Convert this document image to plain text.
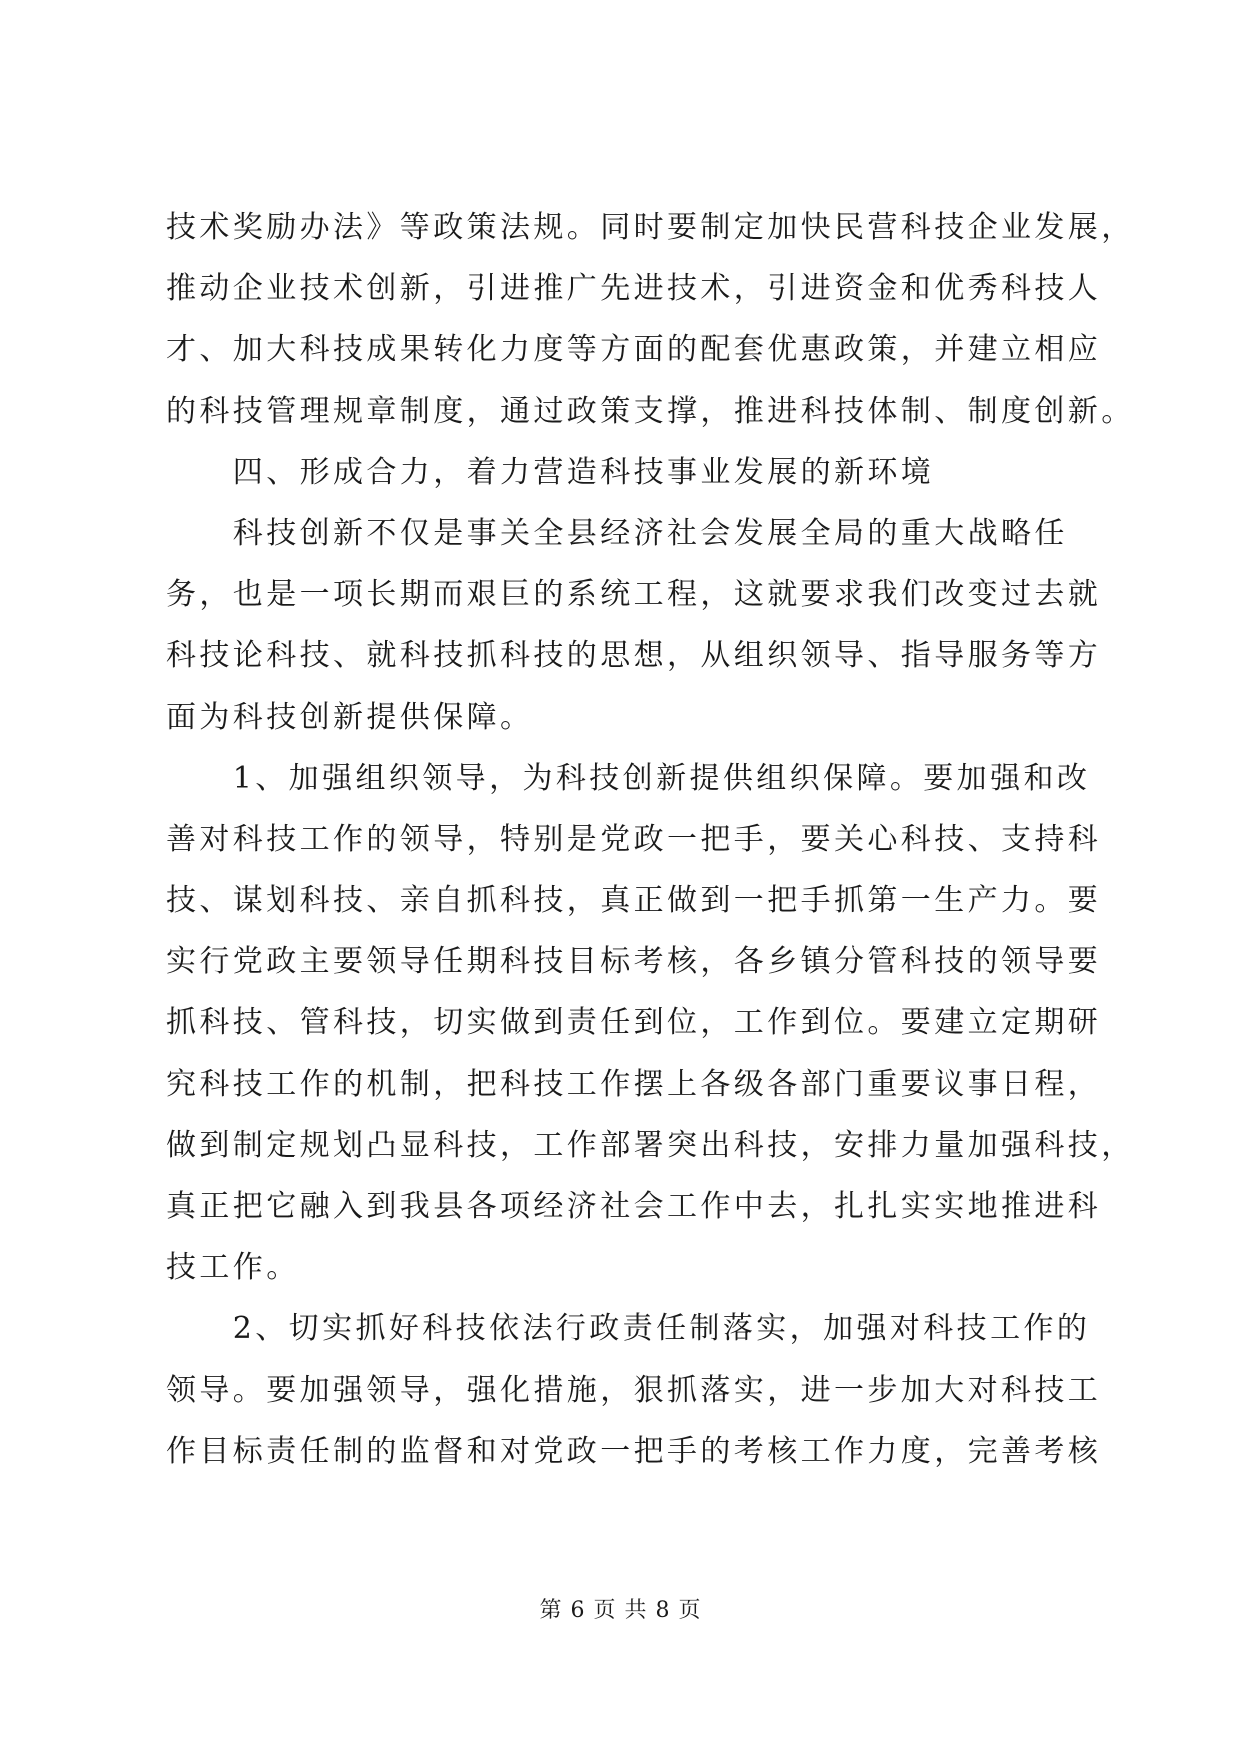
技术奖励办法》等政策法规。同时要制定加快民营科技企业发展，
推动企业技术创新，引进推广先进技术，引进资金和优秀科技人
才、加大科技成果转化力度等方面的配套优惠政策，并建立相应
的科技管理规章制度，通过政策支撑，推进科技体制、制度创新。
　　四、形成合力，着力营造科技事业发展的新环境
　　科技创新不仅是事关全县经济社会发展全局的重大战略任
务，也是一项长期而艰巨的系统工程，这就要求我们改变过去就
科技论科技、就科技抓科技的思想，从组织领导、指导服务等方
面为科技创新提供保障。
　　1、加强组织领导，为科技创新提供组织保障。要加强和改
善对科技工作的领导，特别是党政一把手，要关心科技、支持科
技、谋划科技、亲自抓科技，真正做到一把手抓第一生产力。要
实行党政主要领导任期科技目标考核，各乡镇分管科技的领导要
抓科技、管科技，切实做到责任到位，工作到位。要建立定期研
究科技工作的机制，把科技工作摆上各级各部门重要议事日程，
做到制定规划凸显科技，工作部署突出科技，安排力量加强科技，
真正把它融入到我县各项经济社会工作中去，扎扎实实地推进科
技工作。
　　2、切实抓好科技依法行政责任制落实，加强对科技工作的
领导。要加强领导，强化措施，狠抓落实，进一步加大对科技工
作目标责任制的监督和对党政一把手的考核工作力度，完善考核
第 6 页 共 8 页
